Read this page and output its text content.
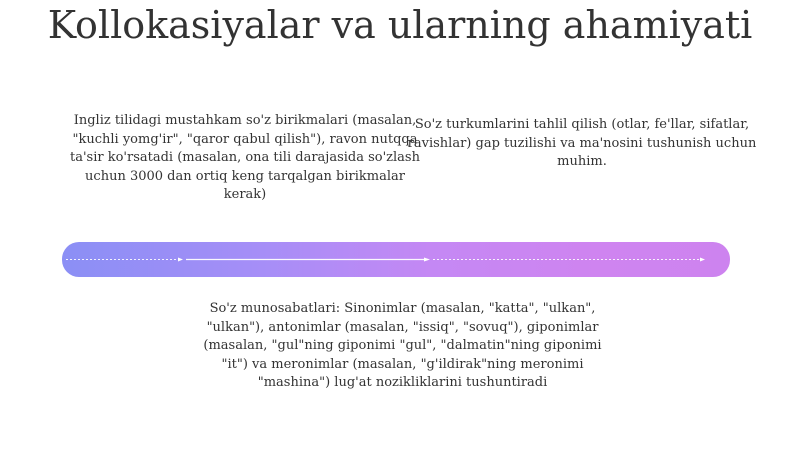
Kollokasiyalar va ularning ahamiyati
Ingliz tilidagi mustahkam so'z birikmalari (masalan, "kuchli yomg'ir", "qaror qabul qilish"), ravon nutqqa ta'sir ko'rsatadi (masalan, ona tili darajasida so'zlash uchun 3000 dan ortiq keng tarqalgan birikmalar kerak)
So'z turkumlarini tahlil qilish (otlar, fe'llar, sifatlar, ravishlar) gap tuzilishi va ma'nosini tushunish uchun muhim.
So'z munosabatlari: Sinonimlar (masalan, "katta", "ulkan", "ulkan"), antonimlar (masalan, "issiq", "sovuq"), giponimlar (masalan, "gul"ning giponimi "gul", "dalmatin"ning giponimi "it") va meronimlar (masalan, "g'ildirak"ning meronimi "mashina") lug'at nozikliklarini tushuntiradi
